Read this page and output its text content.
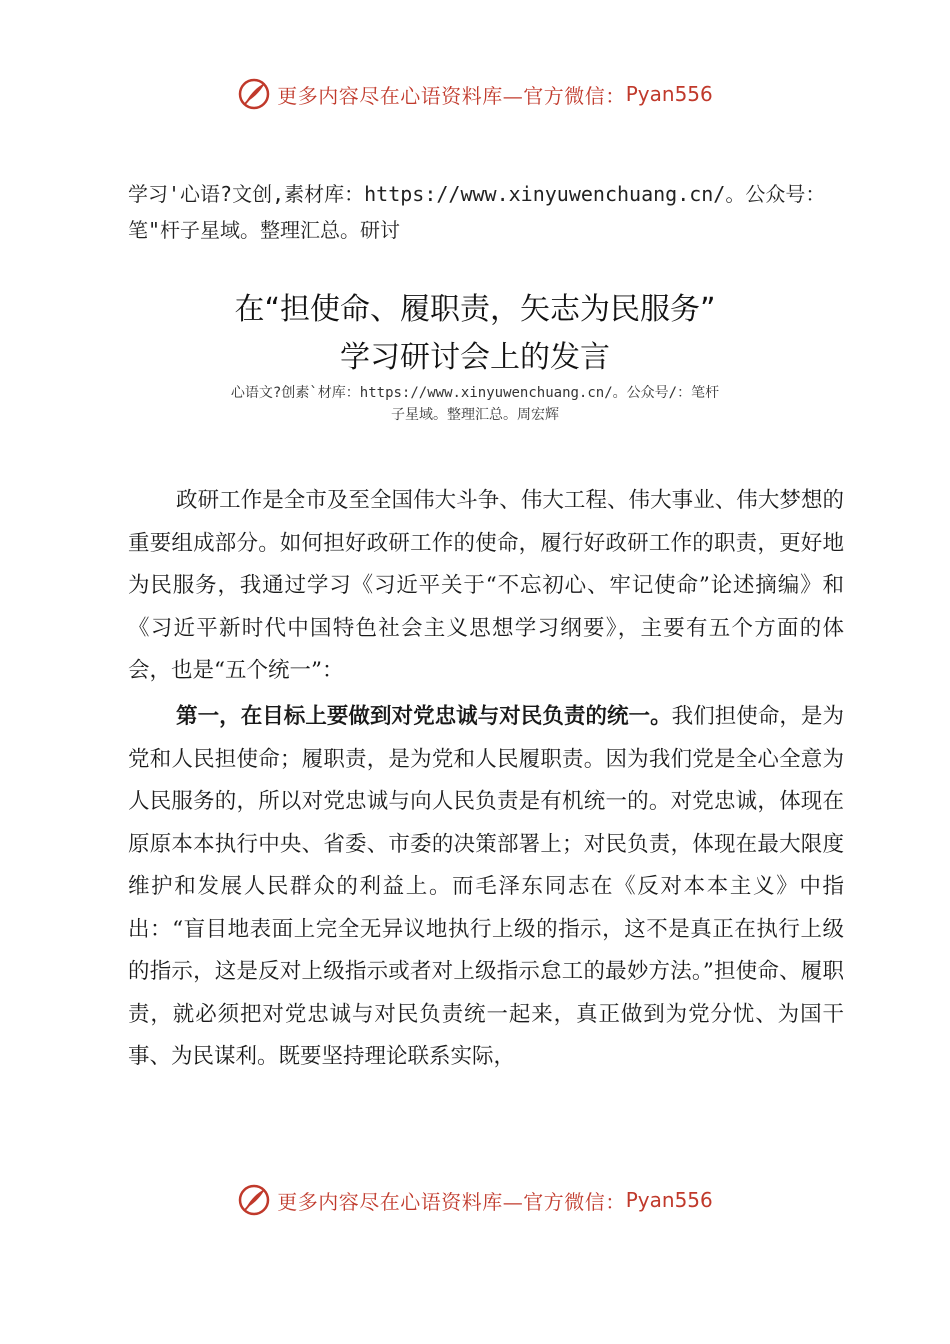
更多内容尽在心语资料库—官方微信： Pyan556
学习'心语?文创,素材库：https://www.xinyuwenchuang.cn/。公众号：笔"杆子星域。整理汇总。研讨
在“担使命、履职责，矢志为民服务”
学习研讨会上的发言
心语文?创素`材库：https://www.xinyuwenchuang.cn/。公众号/：笔杆
子星域。整理汇总。周宏辉
政研工作是全市及至全国伟大斗争、伟大工程、伟大事业、伟大梦想的重要组成部分。如何担好政研工作的使命，履行好政研工作的职责，更好地为民服务，我通过学习《习近平关于“不忘初心、牢记使命”论述摘编》和《习近平新时代中国特色社会主义思想学习纲要》，主要有五个方面的体会，也是“五个统一”：
第一，在目标上要做到对党忠诚与对民负责的统一。我们担使命，是为党和人民担使命；履职责，是为党和人民履职责。因为我们党是全心全意为人民服务的，所以对党忠诚与向人民负责是有机统一的。对党忠诚，体现在原原本本执行中央、省委、市委的决策部署上；对民负责，体现在最大限度维护和发展人民群众的利益上。而毛泽东同志在《反对本本主义》中指出：“盲目地表面上完全无异议地执行上级的指示，这不是真正在执行上级的指示，这是反对上级指示或者对上级指示怠工的最妙方法。”担使命、履职责，就必须把对党忠诚与对民负责统一起来，真正做到为党分忧、为国干事、为民谋利。既要坚持理论联系实际，
更多内容尽在心语资料库—官方微信： Pyan556
